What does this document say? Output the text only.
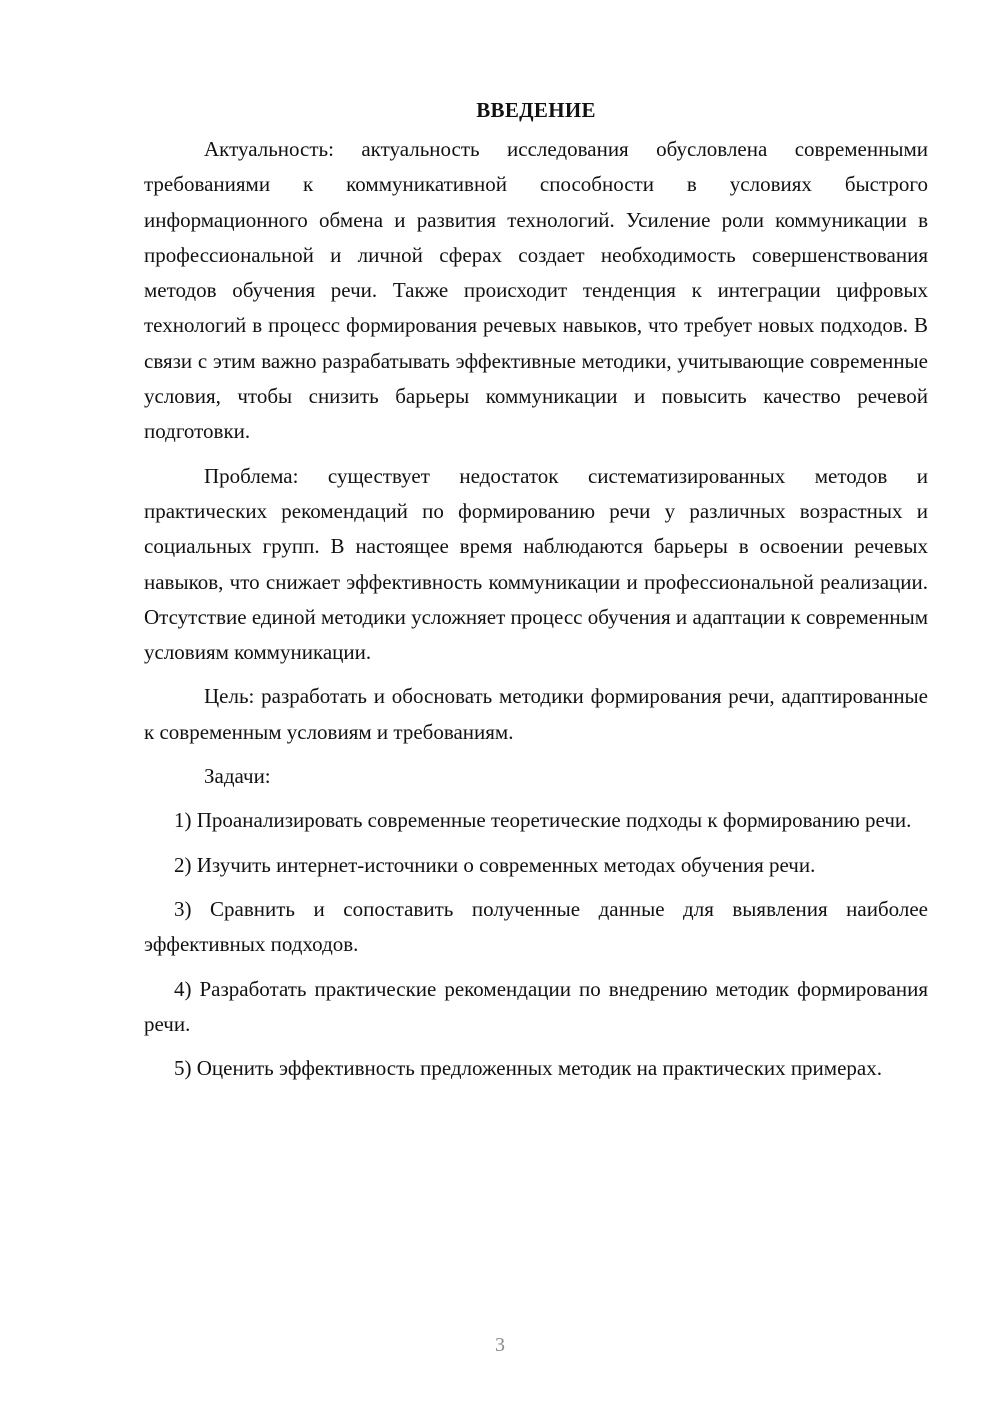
ВВЕДЕНИЕ

Актуальность: актуальность исследования обусловлена современными требованиями к коммуникативной способности в условиях быстрого информационного обмена и развития технологий. Усиление роли коммуникации в профессиональной и личной сферах создает необходимость совершенствования методов обучения речи. Также происходит тенденция к интеграции цифровых технологий в процесс формирования речевых навыков, что требует новых подходов. В связи с этим важно разрабатывать эффективные методики, учитывающие современные условия, чтобы снизить барьеры коммуникации и повысить качество речевой подготовки.

Проблема: существует недостаток систематизированных методов и практических рекомендаций по формированию речи у различных возрастных и социальных групп. В настоящее время наблюдаются барьеры в освоении речевых навыков, что снижает эффективность коммуникации и профессиональной реализации. Отсутствие единой методики усложняет процесс обучения и адаптации к современным условиям коммуникации.

Цель: разработать и обосновать методики формирования речи, адаптированные к современным условиям и требованиям.

Задачи:

1) Проанализировать современные теоретические подходы к формированию речи.

2) Изучить интернет-источники о современных методах обучения речи.

3) Сравнить и сопоставить полученные данные для выявления наиболее эффективных подходов.

4) Разработать практические рекомендации по внедрению методик формирования речи.

5) Оценить эффективность предложенных методик на практических примерах.

3
